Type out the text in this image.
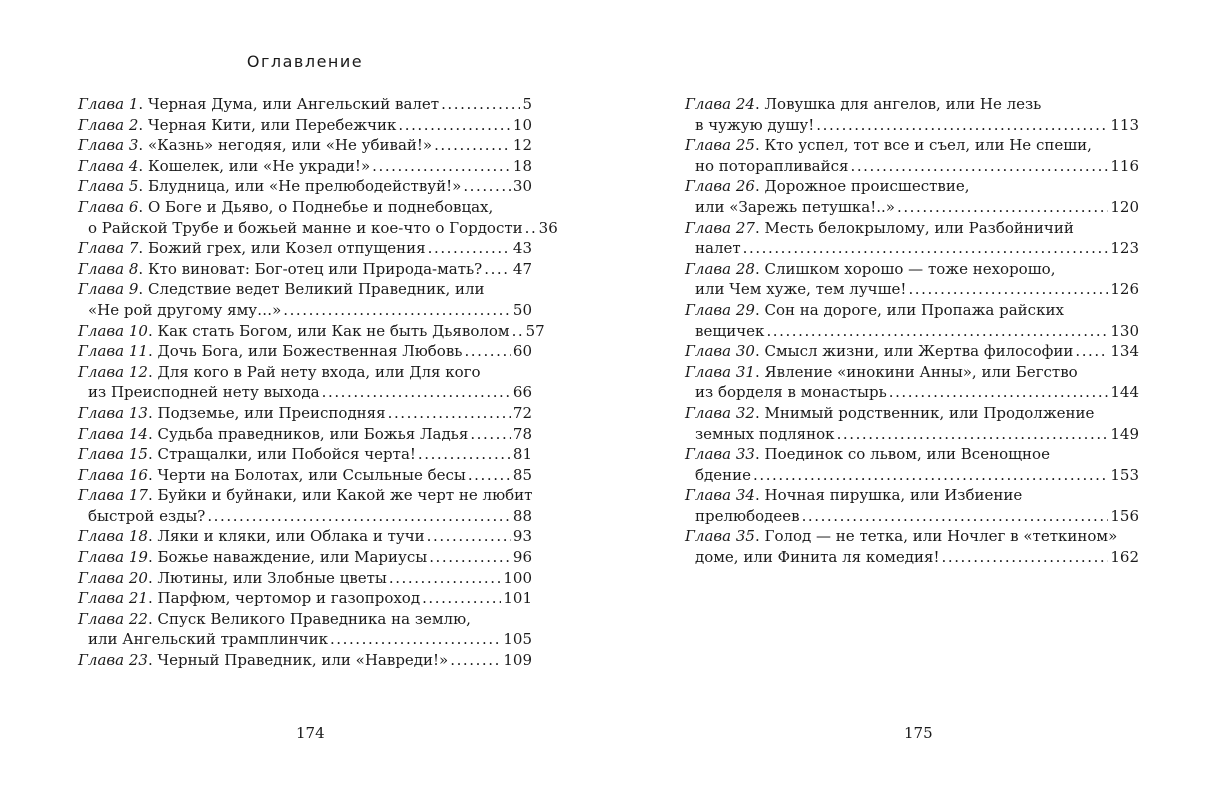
Оглавление
Глава 1 . Черная Дума, или Ангельский валет . . .	5
Глава 2 . Черная Кити, или Перебежчик . . .	10
Глава 3 . «Казнь» негодяя, или «Не убивай!» . . .	12
Глава 4 . Кошелек, или «Не укради!» . . .	18
Глава 5 . Блудница, или «Не прелюбодействуй!» . . .	30
Глава 6 . О Боге и Дьяво, о Поднебье и поднебовцах,
о Райской Трубе и божьей манне и кое-что о Гордости . . . 36
Глава 7 . Божий грех, или Козел отпущения . . .	43
Глава 8 . Кто виноват: Бог-отец или Природа-мать? . . . 47
Глава 9 . Следствие ведет Великий Праведник, или
«Не рой другому яму…» . . .	50
Глава 10 . Как стать Богом, или Как не быть Дьяволом . . . 57
Глава 11 . Дочь Бога, или Божественная Любовь . . .	60
Глава 12 . Для кого в Рай нету входа, или Для кого
из Преисподней нету выхода . . .	66
Глава 13 . Подземье, или Преисподняя . . .	72
Глава 14 . Судьба праведников, или Божья Ладья . . .	78
Глава 15 . Стращалки, или Побойся черта! . . .	81
Глава 16 . Черти на Болотах, или Ссыльные бесы . . .	85
Глава 17 . Буйки и буйнаки, или Какой же черт не любит
быстрой езды? . . .	88
Глава 18 . Ляки и кляки, или Облака и тучи . . .	93
Глава 19 . Божье наваждение, или Мариусы . . .	96
Глава 20 . Лютины, или Злобные цветы . . .	100
Глава 21 . Парфюм, чертомор и газопроход . . .	101
Глава 22 . Спуск Великого Праведника на землю,
или Ангельский трамплинчик . . .	105
Глава 23 . Черный Праведник, или «Навреди!» . . .	109
174
Глава 24 . Ловушка для ангелов, или Не лезь
в чужую душу! . . .	113
Глава 25 . Кто успел, тот все и съел, или Не спеши,
но поторапливайся . . .	116
Глава 26 . Дорожное происшествие,
или «Зарежь петушка!..» . . .	120
Глава 27 . Месть белокрылому, или Разбойничий
налет . . .	123
Глава 28 . Слишком хорошо — тоже нехорошо,
или Чем хуже, тем лучше! . . .	126
Глава 29 . Сон на дороге, или Пропажа райских
вещичек . . .	130
Глава 30 . Смысл жизни, или Жертва философии . . . 134
Глава 31 . Явление «инокини Анны», или Бегство
из борделя в монастырь . . .	144
Глава 32 . Мнимый родственник, или Продолжение
земных подлянок . . .	149
Глава 33 . Поединок со львом, или Всенощное
бдение . . .	153
Глава 34 . Ночная пирушка, или Избиение
прелюбодеев . . .	156
Глава 35 . Голод — не тетка, или Ночлег в «теткином»
доме, или Финита ля комедия! . . .	162
175
